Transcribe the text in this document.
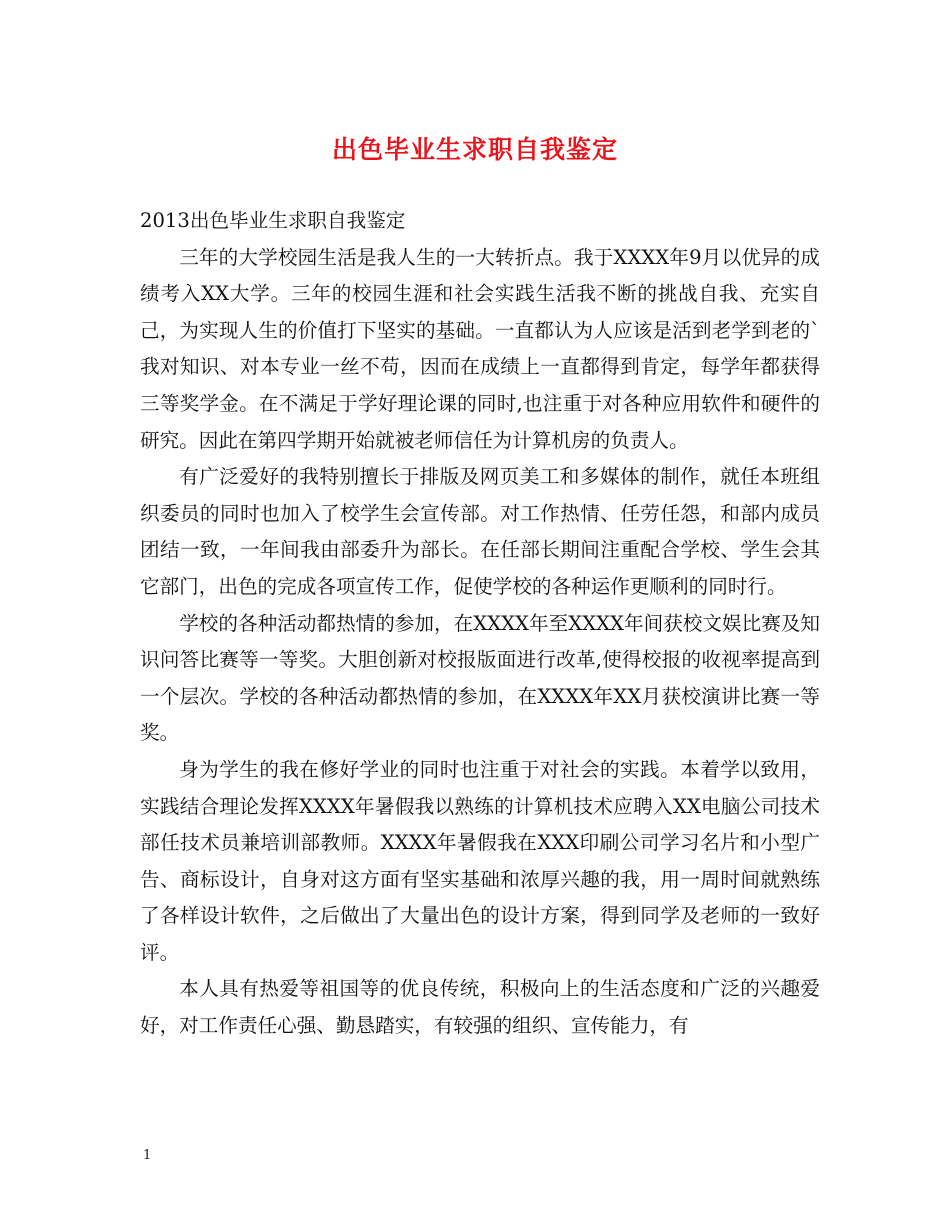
出色毕业生求职自我鉴定

2013出色毕业生求职自我鉴定

三年的大学校园生活是我人生的一大转折点。我于XXXX年9月以优异的成绩考入XX大学。三年的校园生涯和社会实践生活我不断的挑战自我、充实自己，为实现人生的价值打下坚实的基础。一直都认为人应该是活到老学到老的`我对知识、对本专业一丝不苟，因而在成绩上一直都得到肯定，每学年都获得三等奖学金。在不满足于学好理论课的同时,也注重于对各种应用软件和硬件的研究。因此在第四学期开始就被老师信任为计算机房的负责人。

有广泛爱好的我特别擅长于排版及网页美工和多媒体的制作，就任本班组织委员的同时也加入了校学生会宣传部。对工作热情、任劳任怨，和部内成员团结一致，一年间我由部委升为部长。在任部长期间注重配合学校、学生会其它部门，出色的完成各项宣传工作，促使学校的各种运作更顺利的同时行。

学校的各种活动都热情的参加，在XXXX年至XXXX年间获校文娱比赛及知识问答比赛等一等奖。大胆创新对校报版面进行改革,使得校报的收视率提高到一个层次。学校的各种活动都热情的参加，在XXXX年XX月获校演讲比赛一等奖。

身为学生的我在修好学业的同时也注重于对社会的实践。本着学以致用，实践结合理论发挥XXXX年暑假我以熟练的计算机技术应聘入XX电脑公司技术部任技术员兼培训部教师。XXXX年暑假我在XXX印刷公司学习名片和小型广告、商标设计，自身对这方面有坚实基础和浓厚兴趣的我，用一周时间就熟练了各样设计软件，之后做出了大量出色的设计方案，得到同学及老师的一致好评。

本人具有热爱等祖国等的优良传统，积极向上的生活态度和广泛的兴趣爱好，对工作责任心强、勤恳踏实，有较强的组织、宣传能力，有

1
